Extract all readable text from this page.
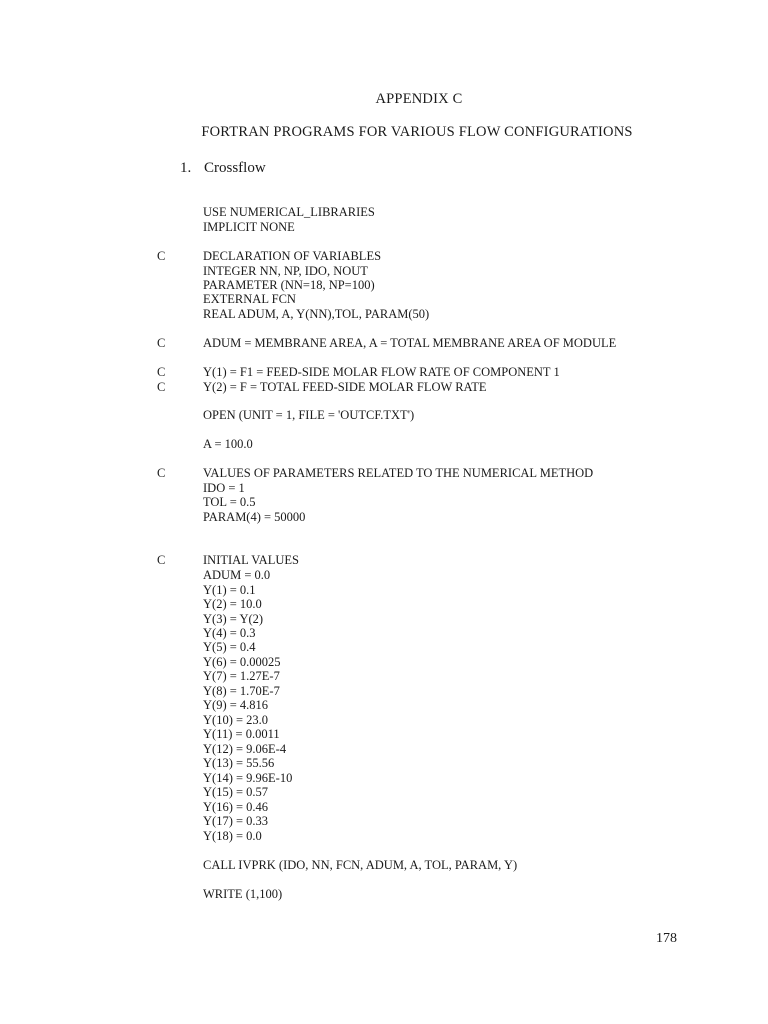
APPENDIX C
FORTRAN PROGRAMS FOR VARIOUS FLOW CONFIGURATIONS
1. Crossflow
USE NUMERICAL_LIBRARIES
IMPLICIT NONE
C	DECLARATION OF VARIABLES
INTEGER NN, NP, IDO, NOUT
PARAMETER (NN=18, NP=100)
EXTERNAL FCN
REAL ADUM, A, Y(NN),TOL, PARAM(50)
C	ADUM = MEMBRANE AREA, A = TOTAL MEMBRANE AREA OF MODULE
C	Y(1) = F1 = FEED-SIDE MOLAR FLOW RATE OF COMPONENT 1
C	Y(2) = F = TOTAL FEED-SIDE MOLAR FLOW RATE
OPEN (UNIT = 1, FILE = 'OUTCF.TXT')
A = 100.0
C	VALUES OF PARAMETERS RELATED TO THE NUMERICAL METHOD
IDO = 1
TOL = 0.5
PARAM(4) = 50000
C	INITIAL VALUES
ADUM = 0.0
Y(1) = 0.1
Y(2) = 10.0
Y(3) = Y(2)
Y(4) = 0.3
Y(5) = 0.4
Y(6) = 0.00025
Y(7) = 1.27E-7
Y(8) = 1.70E-7
Y(9) = 4.816
Y(10) = 23.0
Y(11) = 0.0011
Y(12) = 9.06E-4
Y(13) = 55.56
Y(14) = 9.96E-10
Y(15) = 0.57
Y(16) = 0.46
Y(17) = 0.33
Y(18) = 0.0
CALL IVPRK (IDO, NN, FCN, ADUM, A, TOL, PARAM, Y)
WRITE (1,100)
178
